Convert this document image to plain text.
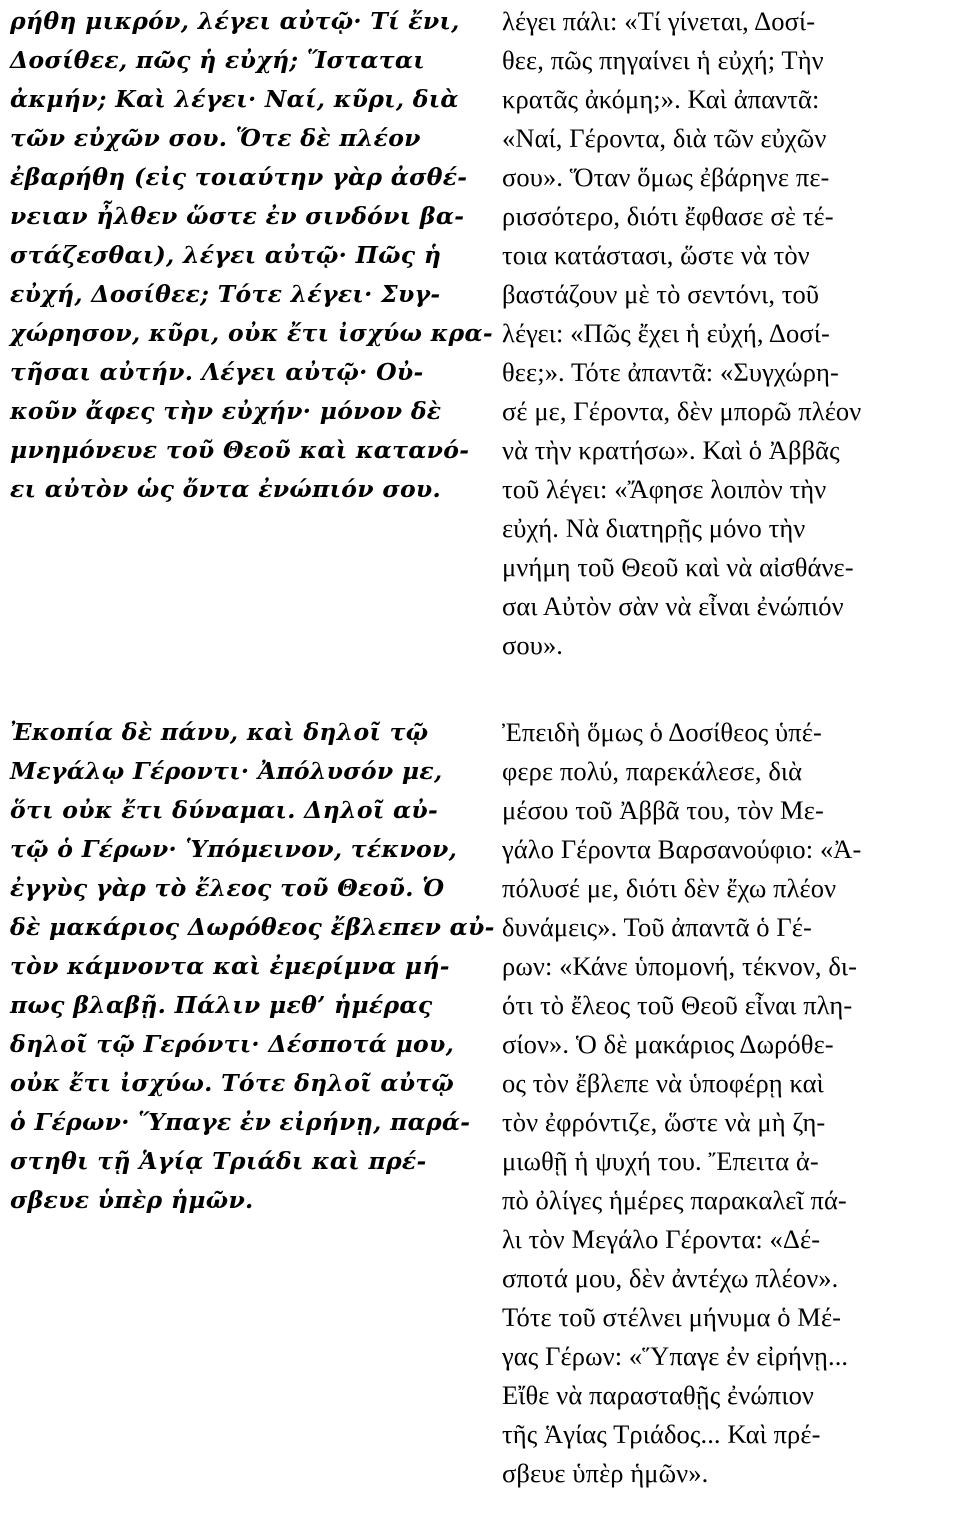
ρήθη μικρόν, λέγει αὐτῷ· Τί ἔνι,
Δοσίθεε, πῶς ἡ εὐχή; Ἵσταται
ἀκμήν; Καὶ λέγει· Ναί, κῦρι, διὰ
τῶν εὐχῶν σου. Ὅτε δὲ πλέον
ἐβαρήθη (εἰς τοιαύτην γὰρ ἀσθέ-
νειαν ἦλθεν ὥστε ἐν σινδόνι βα-
στάζεσθαι), λέγει αὐτῷ· Πῶς ἡ
εὐχή, Δοσίθεε; Τότε λέγει· Συγ-
χώρησον, κῦρι, οὐκ ἔτι ἰσχύω κρα-
τῆσαι αὐτήν. Λέγει αὐτῷ· Οὐ-
κοῦν ἄφες τὴν εὐχήν· μόνον δὲ
μνημόνευε τοῦ Θεοῦ καὶ κατανό-
ει αὐτὸν ὡς ὄντα ἐνώπιόν σου.
λέγει πάλι: «Τί γίνεται, Δοσί-
θεε, πῶς πηγαίνει ἡ εὐχή; Τὴν
κρατᾶς ἀκόμη;». Καὶ ἀπαντᾶ:
«Ναί, Γέροντα, διὰ τῶν εὐχῶν
σου». Ὅταν ὅμως ἐβάρηνε πε-
ρισσότερο, διότι ἔφθασε σὲ τέ-
τοια κατάστασι, ὥστε νὰ τὸν
βαστάζουν μὲ τὸ σεντόνι, τοῦ
λέγει: «Πῶς ἔχει ἡ εὐχή, Δοσί-
θεε;». Τότε ἀπαντᾶ: «Συγχώρη-
σέ με, Γέροντα, δὲν μπορῶ πλέον
νὰ τὴν κρατήσω». Καὶ ὁ Ἀββᾶς
τοῦ λέγει: «Ἄφησε λοιπὸν τὴν
εὐχή. Νὰ διατηρῇς μόνο τὴν
μνήμη τοῦ Θεοῦ καὶ νὰ αἰσθάνε-
σαι Αὐτὸν σὰν νὰ εἶναι ἐνώπιόν
σου».
Ἐκοπία δὲ πάνυ, καὶ δηλοῖ τῷ
Μεγάλῳ Γέροντι· Ἀπόλυσόν με,
ὅτι οὐκ ἔτι δύναμαι. Δηλοῖ αὐ-
τῷ ὁ Γέρων· Ὑπόμεινον, τέκνον,
ἐγγὺς γὰρ τὸ ἔλεος τοῦ Θεοῦ. Ὁ
δὲ μακάριος Δωρόθεος ἔβλεπεν αὐ-
τὸν κάμνοντα καὶ ἐμερίμνα μή-
πως βλαβῇ. Πάλιν μεθ’ ἡμέρας
δηλοῖ τῷ Γερόντι· Δέσποτά μου,
οὐκ ἔτι ἰσχύω. Τότε δηλοῖ αὐτῷ
ὁ Γέρων· Ὕπαγε ἐν εἰρήνῃ, παρά-
στηθι τῇ Ἁγίᾳ Τριάδι καὶ πρέ-
σβευε ὑπὲρ ἡμῶν.
Ἐπειδὴ ὅμως ὁ Δοσίθεος ὑπέ-
φερε πολύ, παρεκάλεσε, διὰ
μέσου τοῦ Ἀββᾶ του, τὸν Με-
γάλο Γέροντα Βαρσανούφιο: «Ἀ-
πόλυσέ με, διότι δὲν ἔχω πλέον
δυνάμεις». Τοῦ ἀπαντᾶ ὁ Γέ-
ρων: «Κάνε ὑπομονή, τέκνον, δι-
ότι τὸ ἔλεος τοῦ Θεοῦ εἶναι πλη-
σίον». Ὁ δὲ μακάριος Δωρόθε-
ος τὸν ἔβλεπε νὰ ὑποφέρῃ καὶ
τὸν ἐφρόντιζε, ὥστε νὰ μὴ ζη-
μιωθῇ ἡ ψυχή του. Ἔπειτα ἀ-
πὸ ὀλίγες ἡμέρες παρακαλεῖ πά-
λι τὸν Μεγάλο Γέροντα: «Δέ-
σποτά μου, δὲν ἀντέχω πλέον».
Τότε τοῦ στέλνει μήνυμα ὁ Μέ-
γας Γέρων: «Ὕπαγε ἐν εἰρήνῃ...
Εἴθε νὰ παρασταθῇς ἐνώπιον
τῆς Ἁγίας Τριάδος... Καὶ πρέ-
σβευε ὑπὲρ ἡμῶν».
